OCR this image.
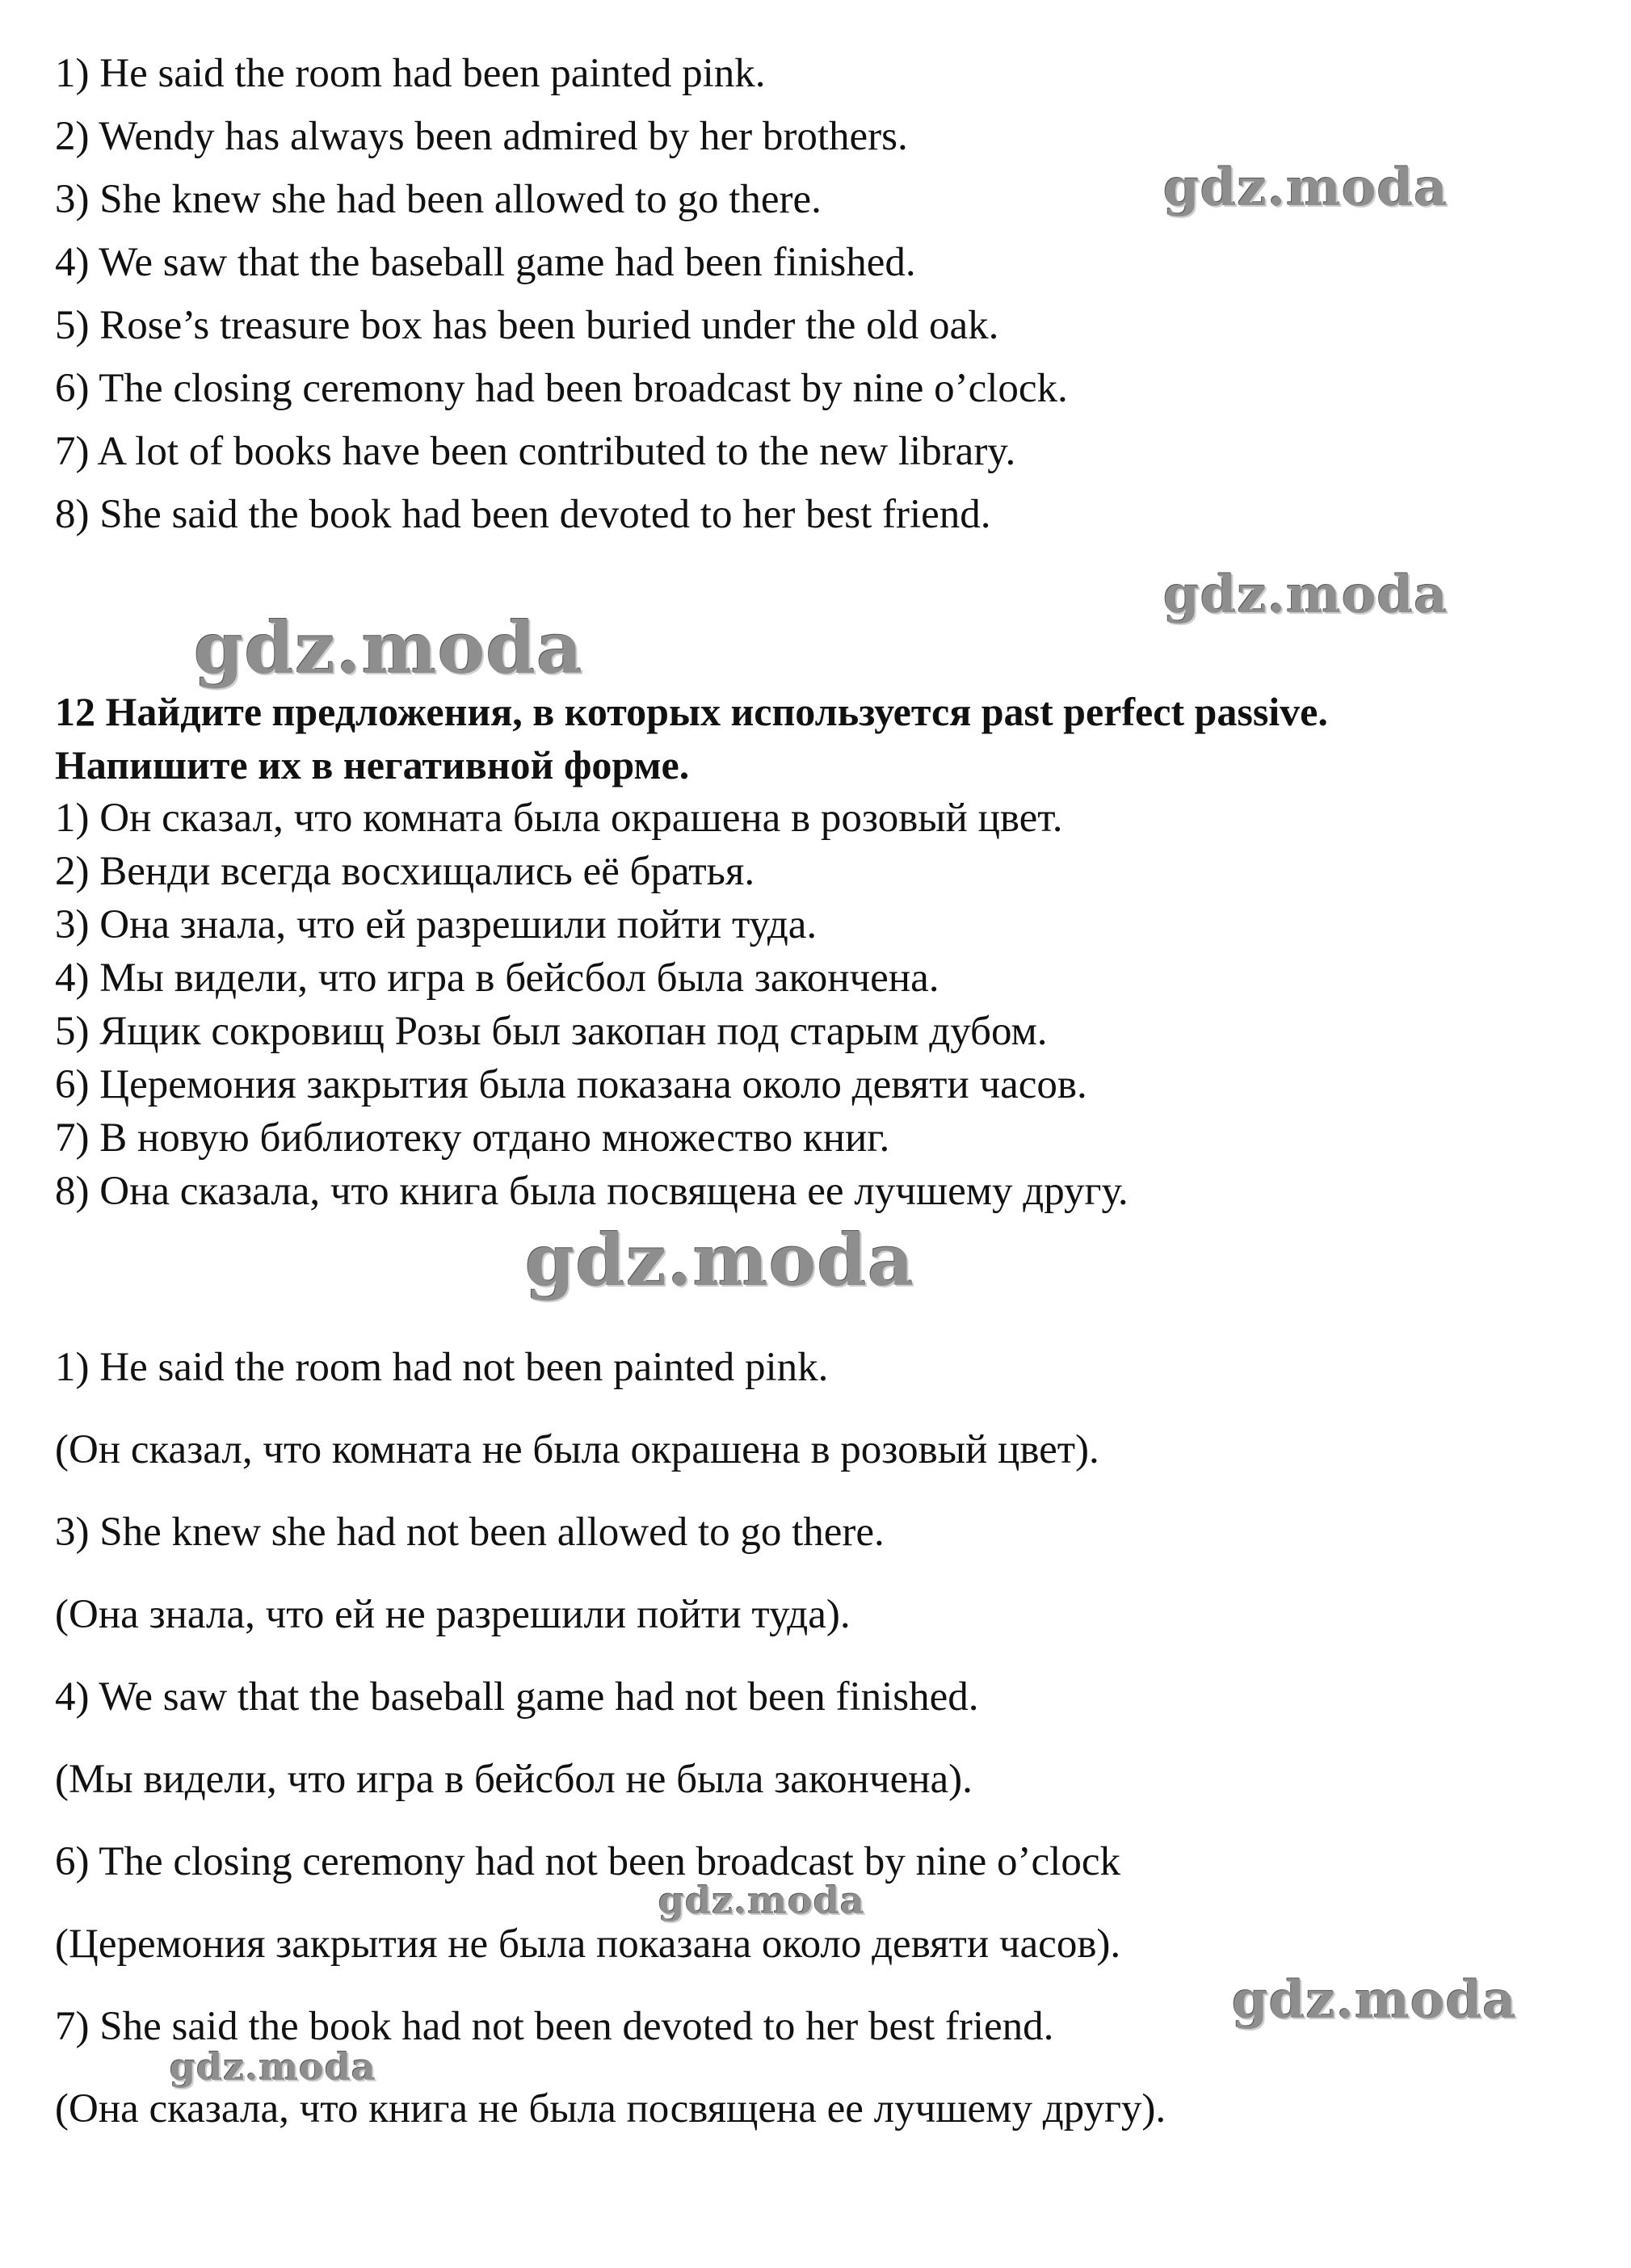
1) He said the room had been painted pink.

2) Wendy has always been admired by her brothers.

3) She knew she had been allowed to go there.

4) We saw that the baseball game had been finished.

5) Rose’s treasure box has been buried under the old oak.

6) The closing ceremony had been broadcast by nine o’clock.

7) A lot of books have been contributed to the new library.

8) She said the book had been devoted to her best friend.

12 Найдите предложения, в которых используется past perfect passive.

Напишите их в негативной форме.

1) Он сказал, что комната была окрашена в розовый цвет.

2) Венди всегда восхищались её братья.

3) Она знала, что ей разрешили пойти туда.

4) Мы видели, что игра в бейсбол была закончена.

5) Ящик сокровищ Розы был закопан под старым дубом.

6) Церемония закрытия была показана около девяти часов.

7) В новую библиотеку отдано множество книг.

8) Она сказала, что книга была посвящена ее лучшему другу.

1) He said the room had not been painted pink.

(Он сказал, что комната не была окрашена в розовый цвет).

3) She knew she had not been allowed to go there.

(Она знала, что ей не разрешили пойти туда).

4) We saw that the baseball game had not been finished.

(Мы видели, что игра в бейсбол не была закончена).

6) The closing ceremony had not been broadcast by nine o’clock

(Церемония закрытия не была показана около девяти часов).

7) She said the book had not been devoted to her best friend.

(Она сказала, что книга не была посвящена ее лучшему другу).

gdz.moda

gdz.moda

gdz.moda

gdz.moda

gdz.moda

gdz.moda

gdz.moda
